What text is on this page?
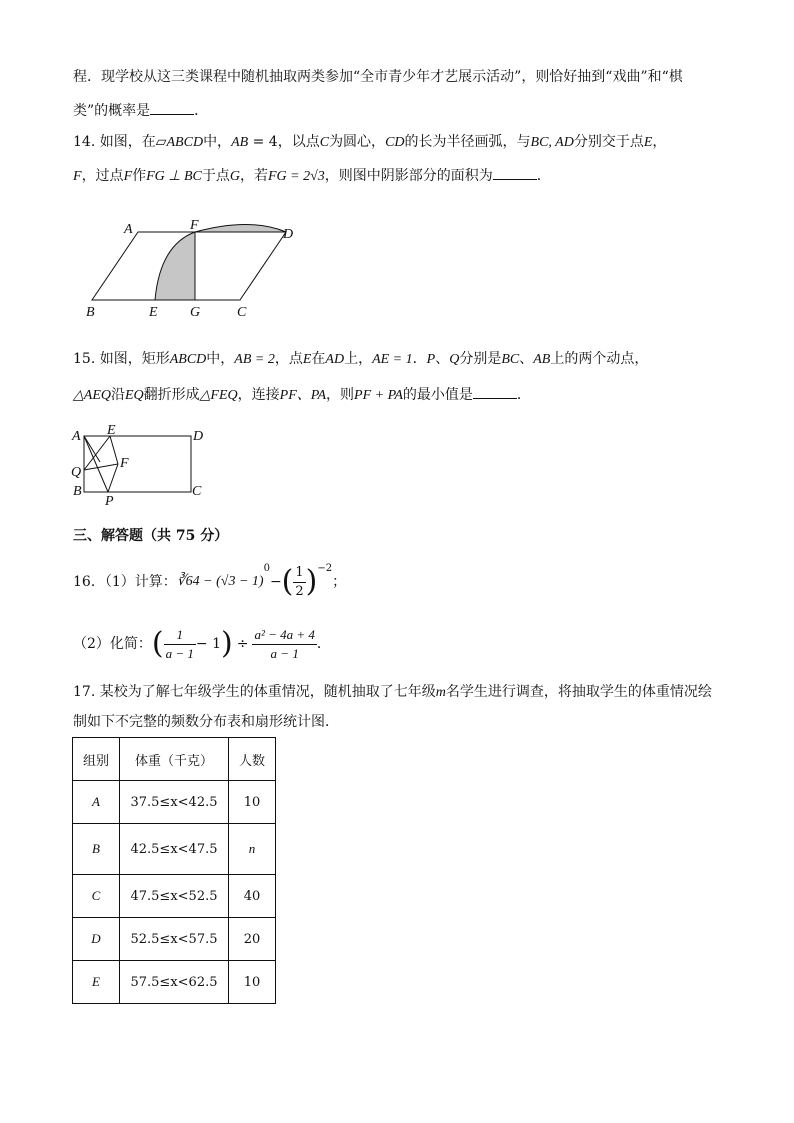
程．现学校从这三类课程中随机抽取两类参加“全市青少年才艺展示活动”，则恰好抽到“戏曲”和“棋
类”的概率是	．
14. 如图，在▱ABCD中，AB = 4，以点C为圆心，CD的长为半径画弧，与BC, AD分别交于点E，
F，过点F作FG ⊥ BC于点G，若FG = 2√3，则图中阴影部分的面积为	．
A	F
D
B	E G	C
15. 如图，矩形ABCD中，AB = 2，点E在AD上，AE = 1．P、Q分别是BC、AB上的两个动点，
△AEQ沿EQ翻折形成△FEQ，连接PF、PA，则PF + PA的最小值是	．
A E	D
Q
F
B
P
C
三、解答题（共 75 分）
16．（1）计算： ∛64 − (√3 − 1)
$^0$
− ( $\frac{1}{2} )^{-2}$
；
（2）化简： ( $\frac{1}{a - 1} - 1$ ) ÷ $\frac{\text{a² − 4a + 4}}{a - 1}$ ．
17. 某校为了解七年级学生的体重情况，随机抽取了七年级m名学生进行调查，将抽取学生的体重情况绘
制如下不完整的频数分布表和扇形统计图．
组别	体重（千克）	人数
A	37.5≤x<42.5	10
B	42.5≤x<47.5	n
C	47.5≤x<52.5	40
D	52.5≤x<57.5	20
E	57.5≤x<62.5	10
